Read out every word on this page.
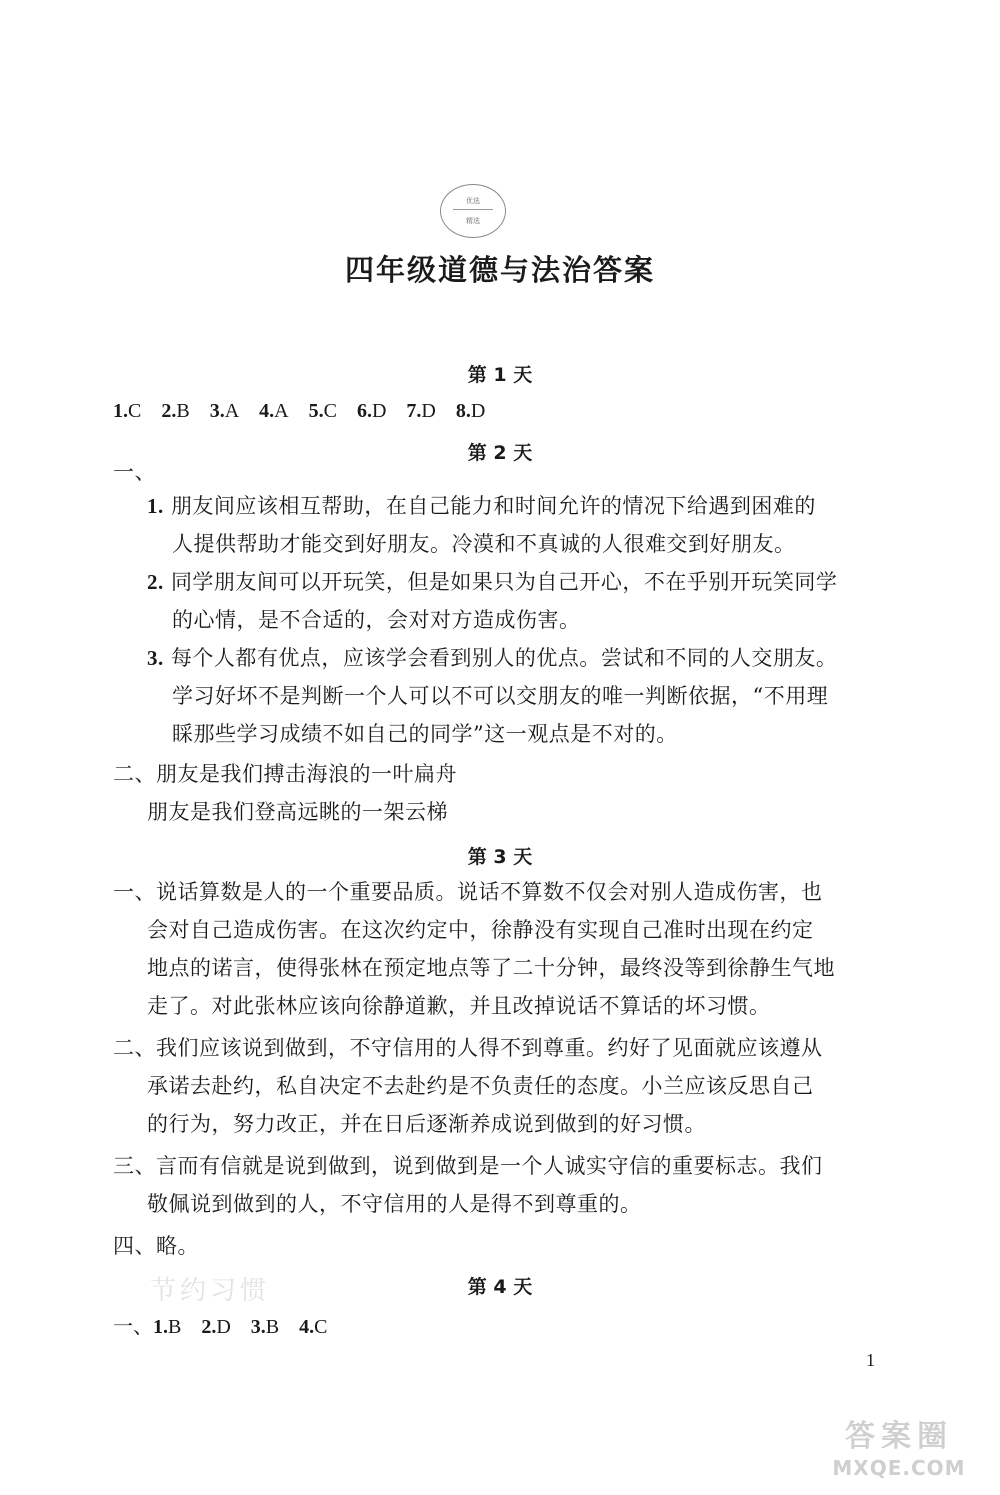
优选
精选
四年级道德与法治答案
第 1 天
1.C 2.B 3.A 4.A 5.C 6.D 7.D 8.D
第 2 天
一、
1. 朋友间应该相互帮助，在自己能力和时间允许的情况下给遇到困难的
人提供帮助才能交到好朋友。冷漠和不真诚的人很难交到好朋友。
2. 同学朋友间可以开玩笑，但是如果只为自己开心，不在乎别开玩笑同学
的心情，是不合适的，会对对方造成伤害。
3. 每个人都有优点，应该学会看到别人的优点。尝试和不同的人交朋友。
学习好坏不是判断一个人可以不可以交朋友的唯一判断依据，“不用理
睬那些学习成绩不如自己的同学”这一观点是不对的。
二、朋友是我们搏击海浪的一叶扁舟
朋友是我们登高远眺的一架云梯
第 3 天
一、说话算数是人的一个重要品质。说话不算数不仅会对别人造成伤害，也
会对自己造成伤害。在这次约定中，徐静没有实现自己准时出现在约定
地点的诺言，使得张林在预定地点等了二十分钟，最终没等到徐静生气地
走了。对此张林应该向徐静道歉，并且改掉说话不算话的坏习惯。
二、我们应该说到做到，不守信用的人得不到尊重。约好了见面就应该遵从
承诺去赴约，私自决定不去赴约是不负责任的态度。小兰应该反思自己
的行为，努力改正，并在日后逐渐养成说到做到的好习惯。
三、言而有信就是说到做到，说到做到是一个人诚实守信的重要标志。我们
敬佩说到做到的人，不守信用的人是得不到尊重的。
四、略。
节约习惯	第 4 天
一、1.B 2.D 3.B 4.C
1
答案圈
MXQE.COM
